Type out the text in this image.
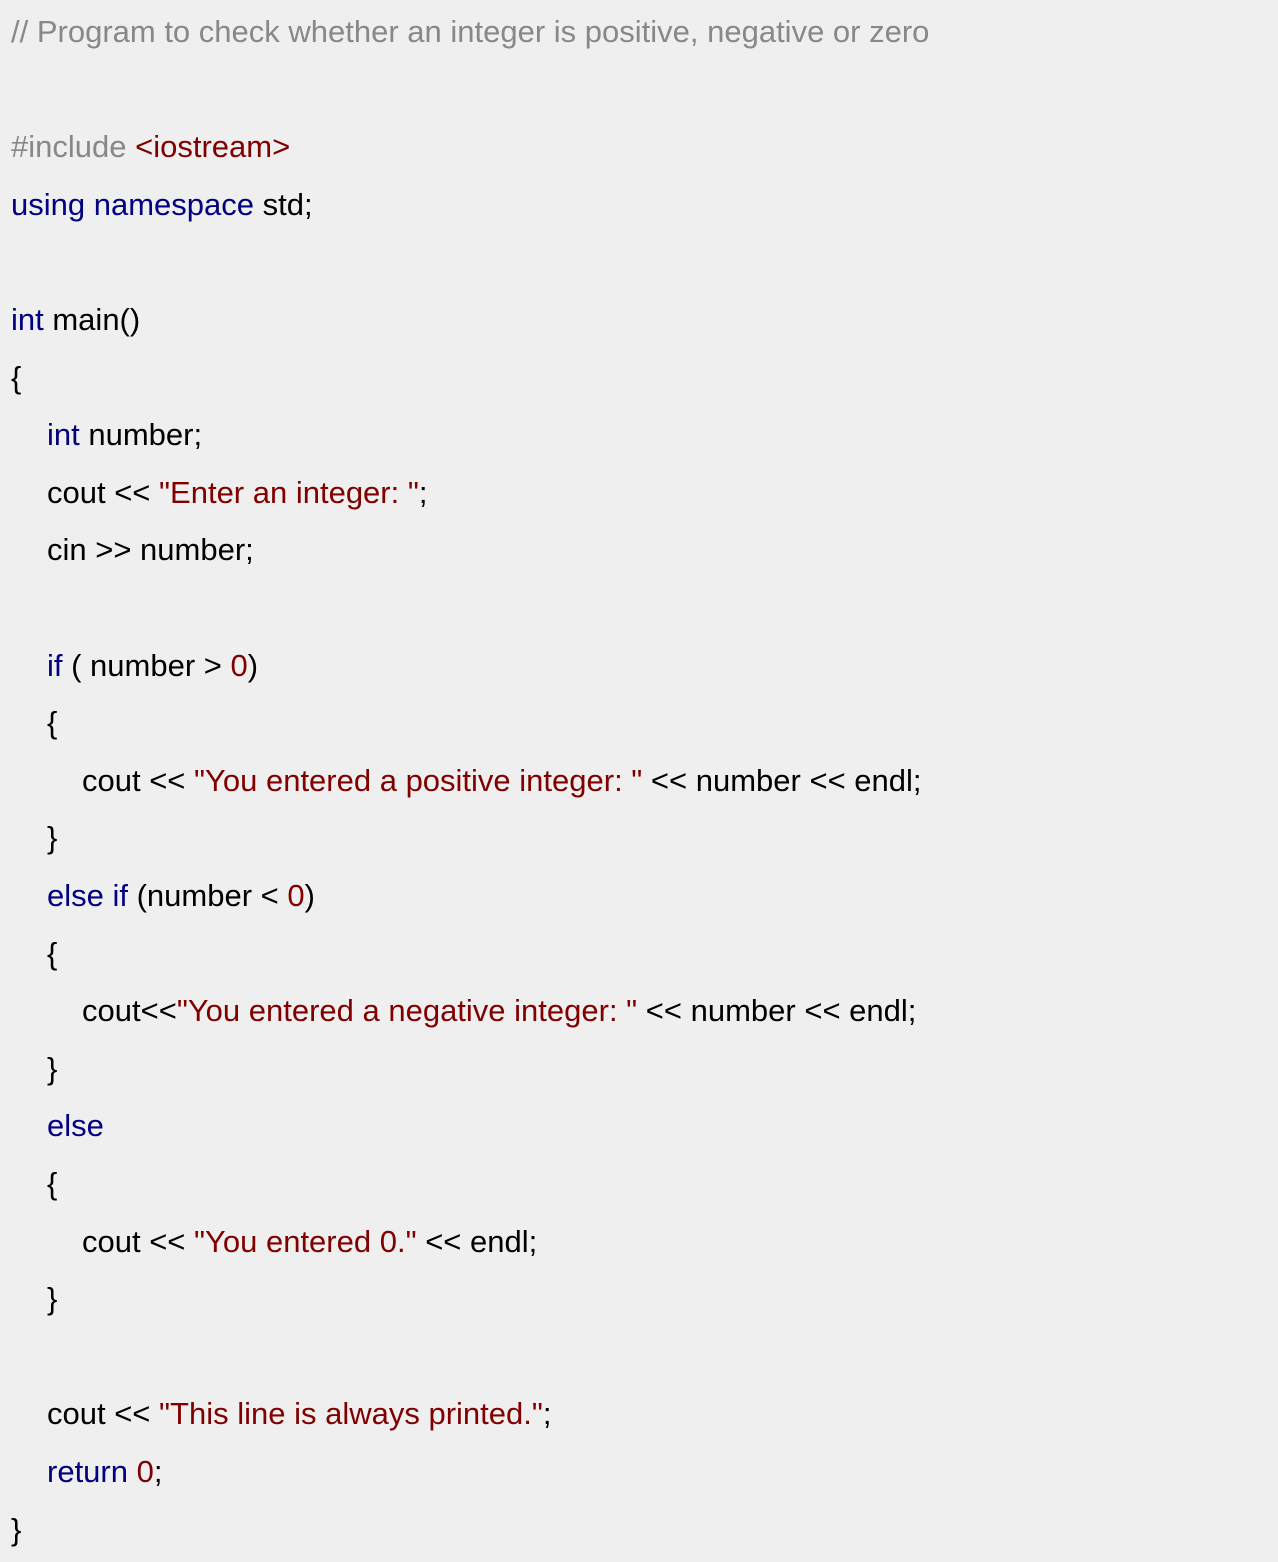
// Program to check whether an integer is positive, negative or zero
#include <iostream>
using namespace std;
int main()
{
int number;
cout << "Enter an integer: ";
cin >> number;
if ( number > 0)
{
cout << "You entered a positive integer: " << number << endl;
}
else if (number < 0)
{
cout<<"You entered a negative integer: " << number << endl;
}
else
{
cout << "You entered 0." << endl;
}
cout << "This line is always printed.";
return 0;
}
